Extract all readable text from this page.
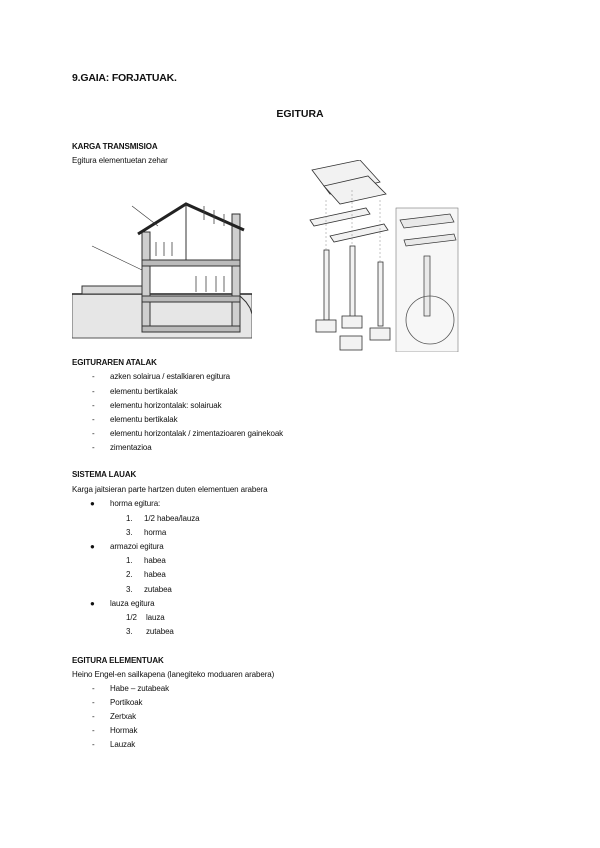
9.GAIA: FORJATUAK.
EGITURA
KARGA TRANSMISIOA
Egitura elementuetan zehar
EGITURAREN ATALAK
- azken solairua / estalkiaren egitura
- elementu bertikalak
- elementu horizontalak: solairuak
- elementu bertikalak
- elementu horizontalak / zimentazioaren gainekoak
- zimentazioa
SISTEMA LAUAK
Karga jaitsieran parte hartzen duten elementuen arabera
● horma egitura:
1. 1/2 habea/lauza
3. horma
● armazoi egitura
1. habea
2. habea
3. zutabea
● lauza egitura
1/2 lauza
3. zutabea
EGITURA ELEMENTUAK
Heino Engel-en sailkapena (lanegiteko moduaren arabera)
- Habe – zutabeak
- Portikoak
- Zertxak
- Hormak
- Lauzak
